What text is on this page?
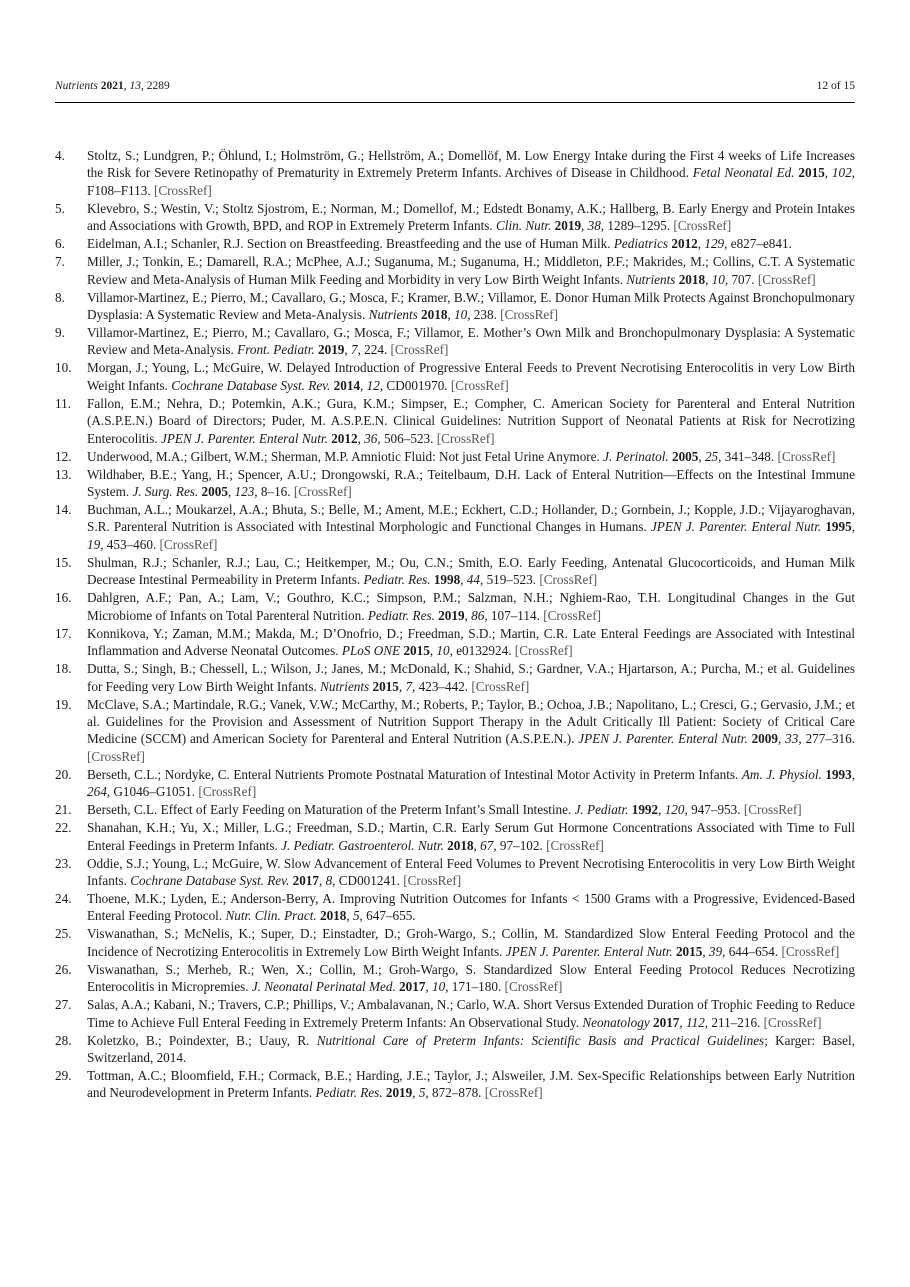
Nutrients 2021, 13, 2289	12 of 15
4. Stoltz, S.; Lundgren, P.; Öhlund, I.; Holmström, G.; Hellström, A.; Domellöf, M. Low Energy Intake during the First 4 weeks of Life Increases the Risk for Severe Retinopathy of Prematurity in Extremely Preterm Infants. Archives of Disease in Childhood. Fetal Neonatal Ed. 2015, 102, F108–F113. [CrossRef]
5. Klevebro, S.; Westin, V.; Stoltz Sjostrom, E.; Norman, M.; Domellof, M.; Edstedt Bonamy, A.K.; Hallberg, B. Early Energy and Protein Intakes and Associations with Growth, BPD, and ROP in Extremely Preterm Infants. Clin. Nutr. 2019, 38, 1289–1295. [CrossRef]
6. Eidelman, A.I.; Schanler, R.J. Section on Breastfeeding. Breastfeeding and the use of Human Milk. Pediatrics 2012, 129, e827–e841.
7. Miller, J.; Tonkin, E.; Damarell, R.A.; McPhee, A.J.; Suganuma, M.; Suganuma, H.; Middleton, P.F.; Makrides, M.; Collins, C.T. A Systematic Review and Meta-Analysis of Human Milk Feeding and Morbidity in very Low Birth Weight Infants. Nutrients 2018, 10, 707. [CrossRef]
8. Villamor-Martinez, E.; Pierro, M.; Cavallaro, G.; Mosca, F.; Kramer, B.W.; Villamor, E. Donor Human Milk Protects Against Bronchopulmonary Dysplasia: A Systematic Review and Meta-Analysis. Nutrients 2018, 10, 238. [CrossRef]
9. Villamor-Martinez, E.; Pierro, M.; Cavallaro, G.; Mosca, F.; Villamor, E. Mother’s Own Milk and Bronchopulmonary Dysplasia: A Systematic Review and Meta-Analysis. Front. Pediatr. 2019, 7, 224. [CrossRef]
10. Morgan, J.; Young, L.; McGuire, W. Delayed Introduction of Progressive Enteral Feeds to Prevent Necrotising Enterocolitis in very Low Birth Weight Infants. Cochrane Database Syst. Rev. 2014, 12, CD001970. [CrossRef]
11. Fallon, E.M.; Nehra, D.; Potemkin, A.K.; Gura, K.M.; Simpser, E.; Compher, C. American Society for Parenteral and Enteral Nutrition (A.S.P.E.N.) Board of Directors; Puder, M. A.S.P.E.N. Clinical Guidelines: Nutrition Support of Neonatal Patients at Risk for Necrotizing Enterocolitis. JPEN J. Parenter. Enteral Nutr. 2012, 36, 506–523. [CrossRef]
12. Underwood, M.A.; Gilbert, W.M.; Sherman, M.P. Amniotic Fluid: Not just Fetal Urine Anymore. J. Perinatol. 2005, 25, 341–348. [CrossRef]
13. Wildhaber, B.E.; Yang, H.; Spencer, A.U.; Drongowski, R.A.; Teitelbaum, D.H. Lack of Enteral Nutrition—Effects on the Intestinal Immune System. J. Surg. Res. 2005, 123, 8–16. [CrossRef]
14. Buchman, A.L.; Moukarzel, A.A.; Bhuta, S.; Belle, M.; Ament, M.E.; Eckhert, C.D.; Hollander, D.; Gornbein, J.; Kopple, J.D.; Vijayaroghavan, S.R. Parenteral Nutrition is Associated with Intestinal Morphologic and Functional Changes in Humans. JPEN J. Parenter. Enteral Nutr. 1995, 19, 453–460. [CrossRef]
15. Shulman, R.J.; Schanler, R.J.; Lau, C.; Heitkemper, M.; Ou, C.N.; Smith, E.O. Early Feeding, Antenatal Glucocorticoids, and Human Milk Decrease Intestinal Permeability in Preterm Infants. Pediatr. Res. 1998, 44, 519–523. [CrossRef]
16. Dahlgren, A.F.; Pan, A.; Lam, V.; Gouthro, K.C.; Simpson, P.M.; Salzman, N.H.; Nghiem-Rao, T.H. Longitudinal Changes in the Gut Microbiome of Infants on Total Parenteral Nutrition. Pediatr. Res. 2019, 86, 107–114. [CrossRef]
17. Konnikova, Y.; Zaman, M.M.; Makda, M.; D’Onofrio, D.; Freedman, S.D.; Martin, C.R. Late Enteral Feedings are Associated with Intestinal Inflammation and Adverse Neonatal Outcomes. PLoS ONE 2015, 10, e0132924. [CrossRef]
18. Dutta, S.; Singh, B.; Chessell, L.; Wilson, J.; Janes, M.; McDonald, K.; Shahid, S.; Gardner, V.A.; Hjartarson, A.; Purcha, M.; et al. Guidelines for Feeding very Low Birth Weight Infants. Nutrients 2015, 7, 423–442. [CrossRef]
19. McClave, S.A.; Martindale, R.G.; Vanek, V.W.; McCarthy, M.; Roberts, P.; Taylor, B.; Ochoa, J.B.; Napolitano, L.; Cresci, G.; Gervasio, J.M.; et al. Guidelines for the Provision and Assessment of Nutrition Support Therapy in the Adult Critically Ill Patient: Society of Critical Care Medicine (SCCM) and American Society for Parenteral and Enteral Nutrition (A.S.P.E.N.). JPEN J. Parenter. Enteral Nutr. 2009, 33, 277–316. [CrossRef]
20. Berseth, C.L.; Nordyke, C. Enteral Nutrients Promote Postnatal Maturation of Intestinal Motor Activity in Preterm Infants. Am. J. Physiol. 1993, 264, G1046–G1051. [CrossRef]
21. Berseth, C.L. Effect of Early Feeding on Maturation of the Preterm Infant’s Small Intestine. J. Pediatr. 1992, 120, 947–953. [CrossRef]
22. Shanahan, K.H.; Yu, X.; Miller, L.G.; Freedman, S.D.; Martin, C.R. Early Serum Gut Hormone Concentrations Associated with Time to Full Enteral Feedings in Preterm Infants. J. Pediatr. Gastroenterol. Nutr. 2018, 67, 97–102. [CrossRef]
23. Oddie, S.J.; Young, L.; McGuire, W. Slow Advancement of Enteral Feed Volumes to Prevent Necrotising Enterocolitis in very Low Birth Weight Infants. Cochrane Database Syst. Rev. 2017, 8, CD001241. [CrossRef]
24. Thoene, M.K.; Lyden, E.; Anderson-Berry, A. Improving Nutrition Outcomes for Infants < 1500 Grams with a Progressive, Evidenced-Based Enteral Feeding Protocol. Nutr. Clin. Pract. 2018, 5, 647–655.
25. Viswanathan, S.; McNelis, K.; Super, D.; Einstadter, D.; Groh-Wargo, S.; Collin, M. Standardized Slow Enteral Feeding Protocol and the Incidence of Necrotizing Enterocolitis in Extremely Low Birth Weight Infants. JPEN J. Parenter. Enteral Nutr. 2015, 39, 644–654. [CrossRef]
26. Viswanathan, S.; Merheb, R.; Wen, X.; Collin, M.; Groh-Wargo, S. Standardized Slow Enteral Feeding Protocol Reduces Necrotizing Enterocolitis in Micropremies. J. Neonatal Perinatal Med. 2017, 10, 171–180. [CrossRef]
27. Salas, A.A.; Kabani, N.; Travers, C.P.; Phillips, V.; Ambalavanan, N.; Carlo, W.A. Short Versus Extended Duration of Trophic Feeding to Reduce Time to Achieve Full Enteral Feeding in Extremely Preterm Infants: An Observational Study. Neonatology 2017, 112, 211–216. [CrossRef]
28. Koletzko, B.; Poindexter, B.; Uauy, R. Nutritional Care of Preterm Infants: Scientific Basis and Practical Guidelines; Karger: Basel, Switzerland, 2014.
29. Tottman, A.C.; Bloomfield, F.H.; Cormack, B.E.; Harding, J.E.; Taylor, J.; Alsweiler, J.M. Sex-Specific Relationships between Early Nutrition and Neurodevelopment in Preterm Infants. Pediatr. Res. 2019, 5, 872–878. [CrossRef]
